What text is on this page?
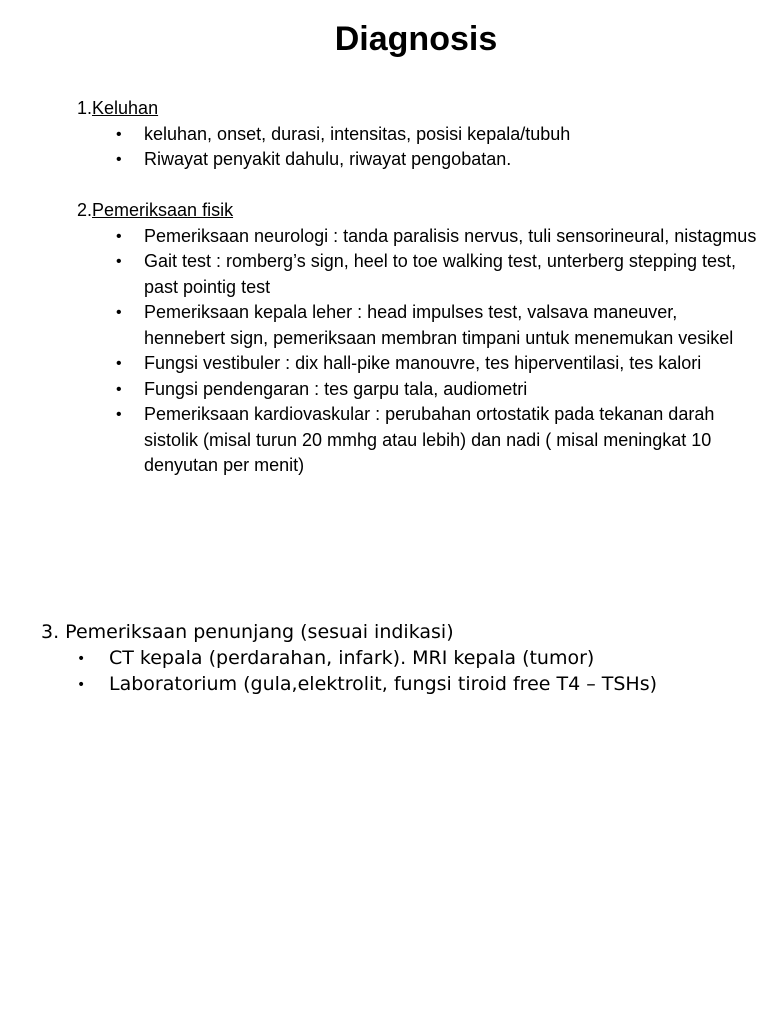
Diagnosis
1.Keluhan
• keluhan, onset, durasi, intensitas, posisi kepala/tubuh
• Riwayat penyakit dahulu, riwayat pengobatan.
2.Pemeriksaan fisik
• Pemeriksaan neurologi : tanda paralisis nervus, tuli sensorineural, nistagmus
• Gait test : romberg’s sign, heel to toe walking test, unterberg stepping test, past pointig test
• Pemeriksaan kepala leher : head impulses test, valsava maneuver, hennebert sign, pemeriksaan membran timpani untuk menemukan vesikel
• Fungsi vestibuler : dix hall-pike manouvre, tes hiperventilasi, tes kalori
• Fungsi pendengaran : tes garpu tala, audiometri
• Pemeriksaan kardiovaskular : perubahan ortostatik pada tekanan darah sistolik (misal turun 20 mmhg atau lebih) dan nadi ( misal meningkat 10 denyutan per menit)
3. Pemeriksaan penunjang (sesuai indikasi)
• CT kepala (perdarahan, infark). MRI kepala (tumor)
• Laboratorium (gula,elektrolit, fungsi tiroid free T4 – TSHs)
